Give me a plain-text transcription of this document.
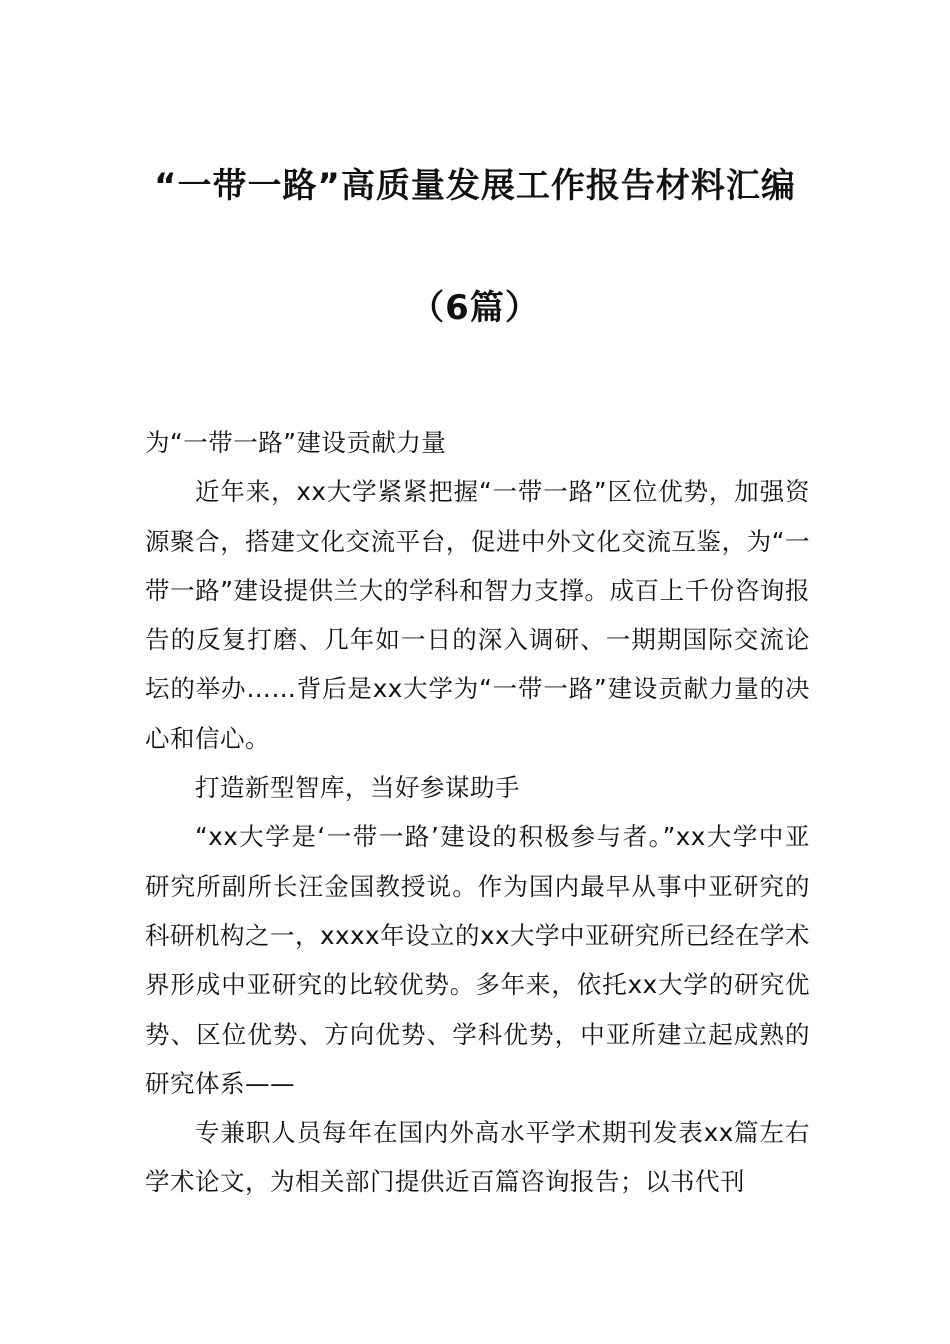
“一带一路”高质量发展工作报告材料汇编
（6篇）

为“一带一路”建设贡献力量

近年来，xx大学紧紧把握“一带一路”区位优势，加强资源聚合，搭建文化交流平台，促进中外文化交流互鉴，为“一带一路”建设提供兰大的学科和智力支撑。成百上千份咨询报告的反复打磨、几年如一日的深入调研、一期期国际交流论坛的举办……背后是xx大学为“一带一路”建设贡献力量的决心和信心。

打造新型智库，当好参谋助手

“xx大学是‘一带一路’建设的积极参与者。”xx大学中亚研究所副所长汪金国教授说。作为国内最早从事中亚研究的科研机构之一，xxxx年设立的xx大学中亚研究所已经在学术界形成中亚研究的比较优势。多年来，依托xx大学的研究优势、区位优势、方向优势、学科优势，中亚所建立起成熟的研究体系——

专兼职人员每年在国内外高水平学术期刊发表xx篇左右学术论文，为相关部门提供近百篇咨询报告；以书代刊
